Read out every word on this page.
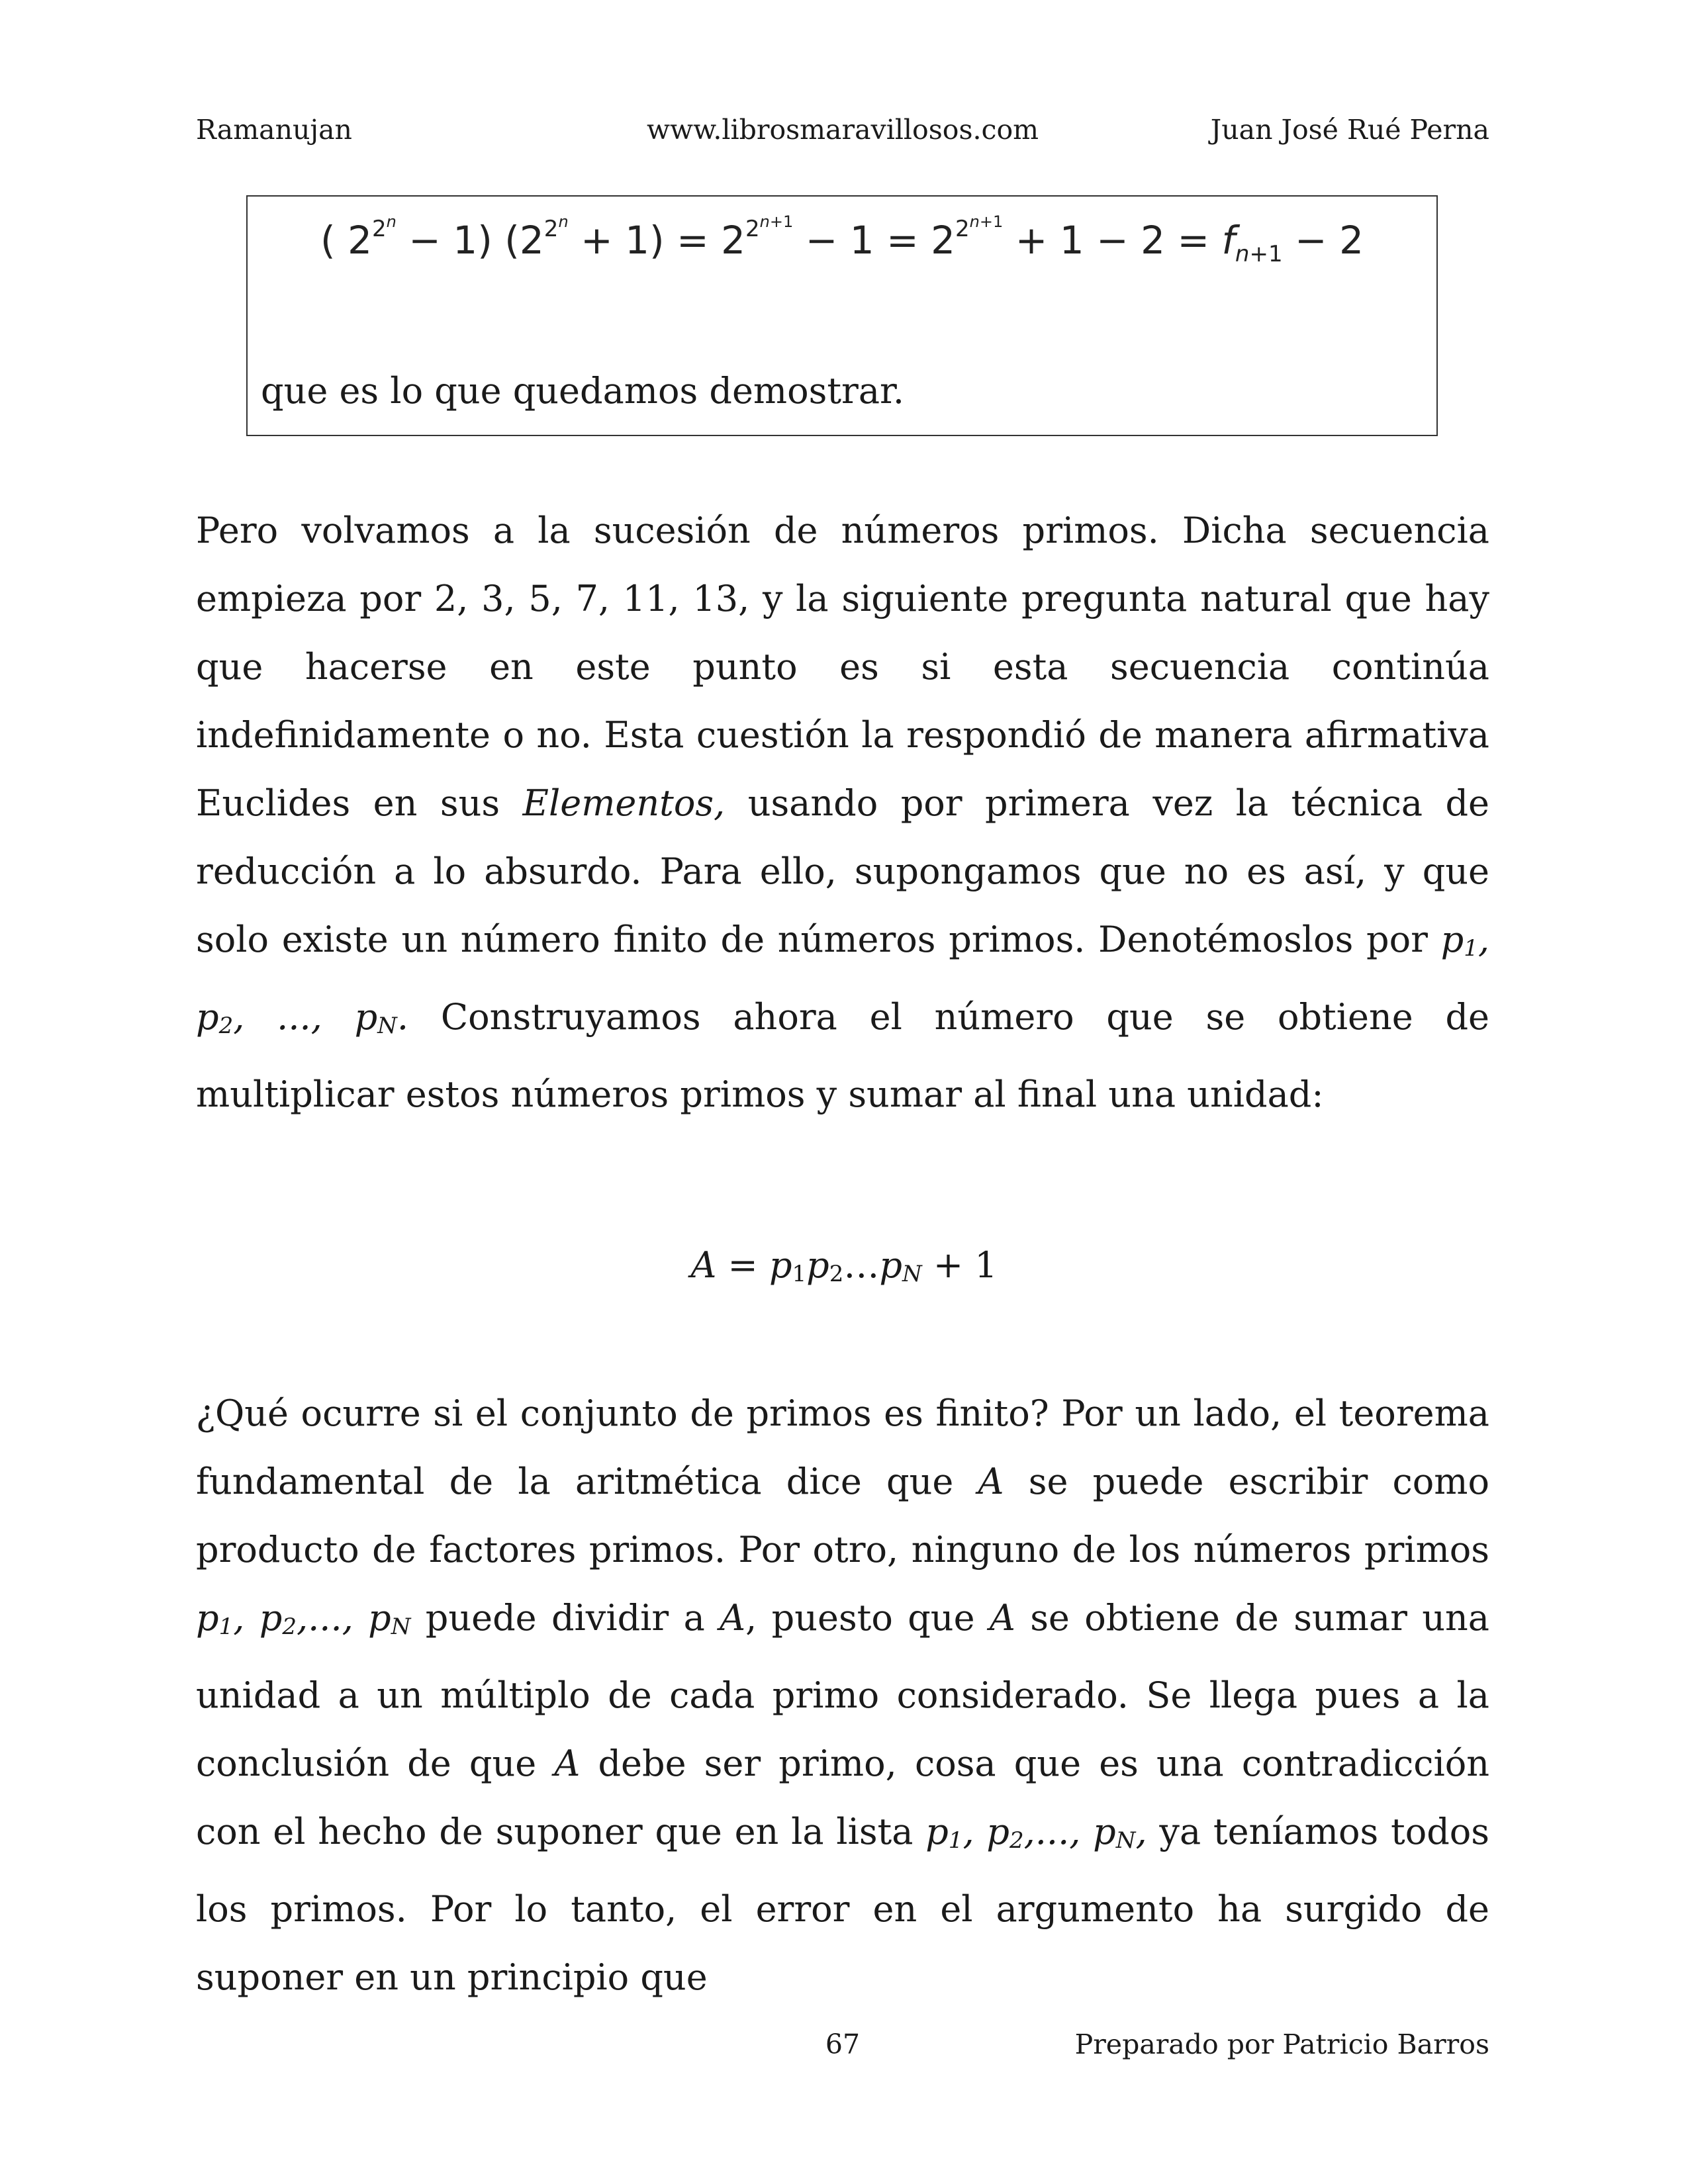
Ramanujan	www.librosmaravillosos.com	Juan José Rué Perna
( $2^{2^n} - 1$) $(2^{2^n} + 1) = 2^{2^{n+1}} - 1 = 2^{2^{n+1}} + 1 - 2 = f_{n+1} - 2$
que es lo que quedamos demostrar.
Pero volvamos a la sucesión de números primos. Dicha secuencia empieza por 2, 3, 5, 7, 11, 13, y la siguiente pregunta natural que hay que hacerse en este punto es si esta secuencia continúa indefinidamente o no. Esta cuestión la respondió de manera afirmativa Euclides en sus Elementos, usando por primera vez la técnica de reducción a lo absurdo. Para ello, supongamos que no es así, y que solo existe un número finito de números primos. Denotémoslos por $p_1$, $p_2$, ..., $p_N$. Construyamos ahora el número que se obtiene de multiplicar estos números primos y sumar al final una unidad:
$A = p_1p_2\dots p_N + 1$
¿Qué ocurre si el conjunto de primos es finito? Por un lado, el teorema fundamental de la aritmética dice que A se puede escribir como producto de factores primos. Por otro, ninguno de los números primos $p_1$, $p_2$,..., $p_N$ puede dividir a A, puesto que A se obtiene de sumar una unidad a un múltiplo de cada primo considerado. Se llega pues a la conclusión de que A debe ser primo, cosa que es una contradicción con el hecho de suponer que en la lista $p_1$, $p_2$,..., $p_N$, ya teníamos todos los primos. Por lo tanto, el error en el argumento ha surgido de suponer en un principio que
67	Preparado por Patricio Barros
